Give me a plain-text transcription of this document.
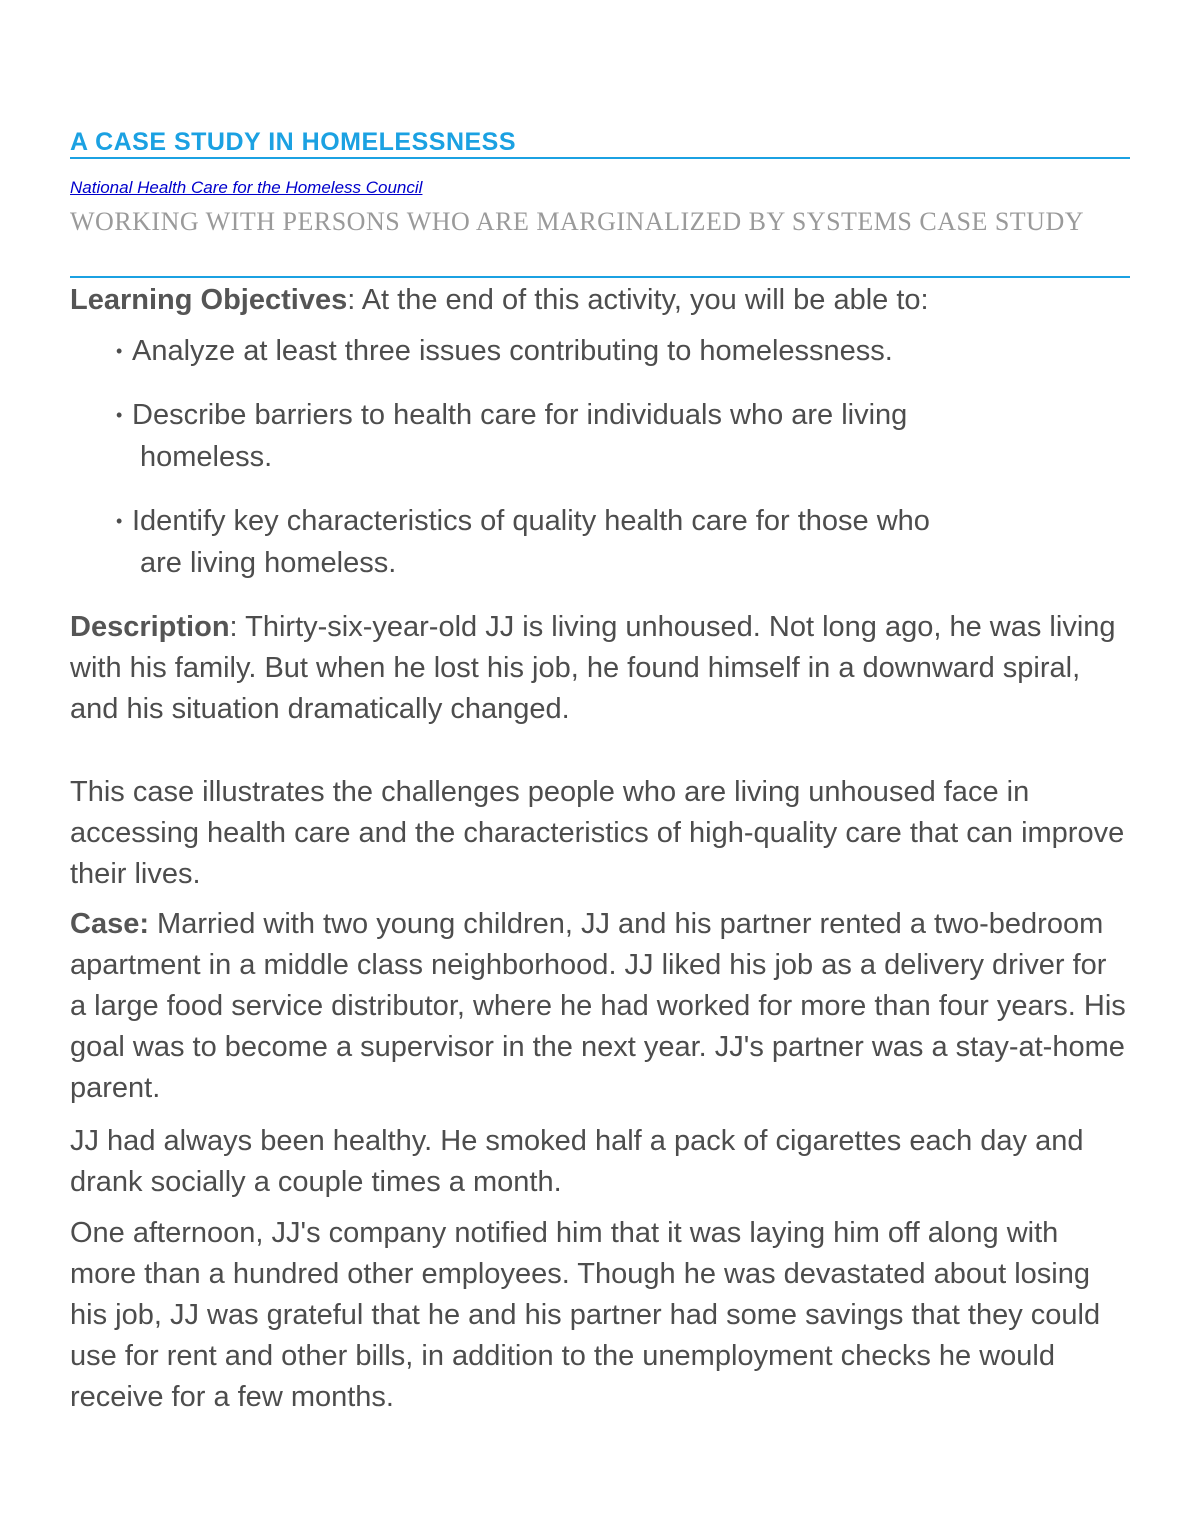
A CASE STUDY IN HOMELESSNESS
National Health Care for the Homeless Council
WORKING WITH PERSONS WHO ARE MARGINALIZED BY SYSTEMS CASE STUDY

Learning Objectives: At the end of this activity, you will be able to:

• Analyze at least three issues contributing to homelessness.
• Describe barriers to health care for individuals who are living
homeless.
• Identify key characteristics of quality health care for those who
are living homeless.

Description: Thirty-six-year-old JJ is living unhoused. Not long ago, he was living with his family. But when he lost his job, he found himself in a downward spiral, and his situation dramatically changed.

This case illustrates the challenges people who are living unhoused face in accessing health care and the characteristics of high-quality care that can improve their lives.

Case: Married with two young children, JJ and his partner rented a two-bedroom apartment in a middle class neighborhood. JJ liked his job as a delivery driver for a large food service distributor, where he had worked for more than four years. His goal was to become a supervisor in the next year. JJ's partner was a stay-at-home parent.

JJ had always been healthy. He smoked half a pack of cigarettes each day and drank socially a couple times a month.

One afternoon, JJ's company notified him that it was laying him off along with more than a hundred other employees. Though he was devastated about losing his job, JJ was grateful that he and his partner had some savings that they could use for rent and other bills, in addition to the unemployment checks he would receive for a few months.
